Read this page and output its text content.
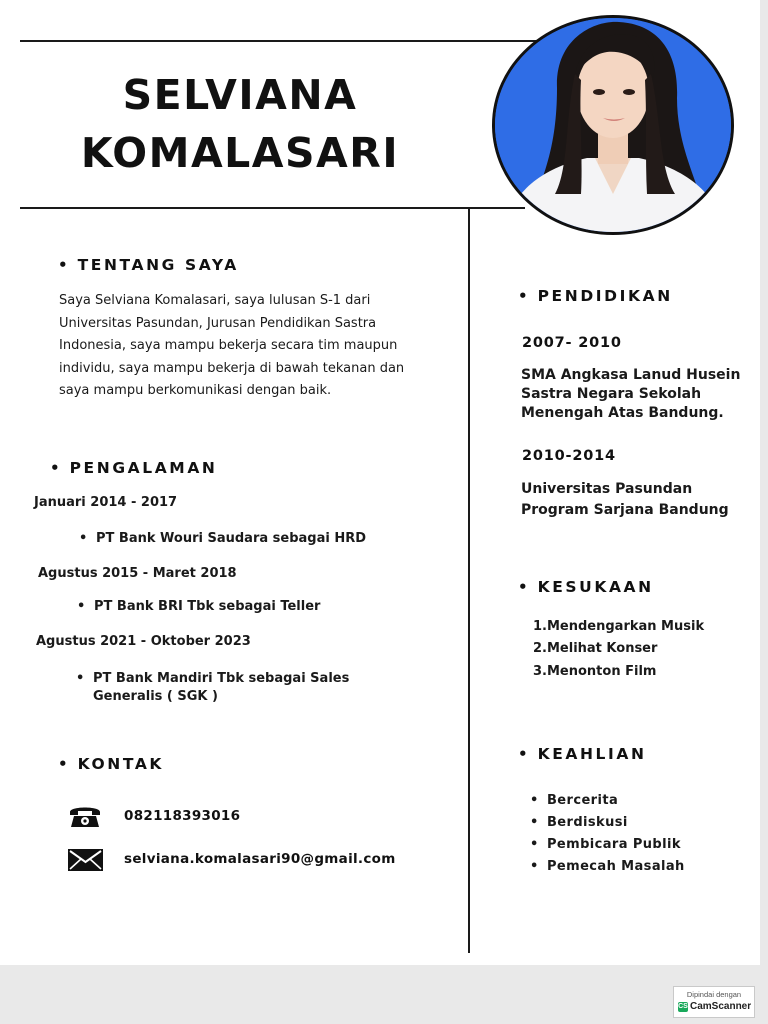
SELVIANA
KOMALASARI
• TENTANG SAYA
Saya Selviana Komalasari, saya lulusan S-1 dari
Universitas Pasundan, Jurusan Pendidikan Sastra
Indonesia, saya mampu bekerja secara tim maupun
individu, saya mampu bekerja di bawah tekanan dan
saya mampu berkomunikasi dengan baik.
• PENGALAMAN
Januari 2014 - 2017
• PT Bank Wouri Saudara sebagai HRD
Agustus 2015 - Maret 2018
• PT Bank BRI Tbk sebagai Teller
Agustus 2021 - Oktober 2023
• PT Bank Mandiri Tbk sebagai Sales
Generalis ( SGK )
• KONTAK
082118393016
selviana.komalasari90@gmail.com
• PENDIDIKAN
2007- 2010
SMA Angkasa Lanud Husein
Sastra Negara Sekolah
Menengah Atas Bandung.
2010-2014
Universitas Pasundan
Program Sarjana Bandung
• KESUKAAN
1.Mendengarkan Musik
2.Melihat Konser
3.Menonton Film
• KEAHLIAN
• Bercerita
• Berdiskusi
• Pembicara Publik
• Pemecah Masalah
Dipindai dengan
CS CamScanner
